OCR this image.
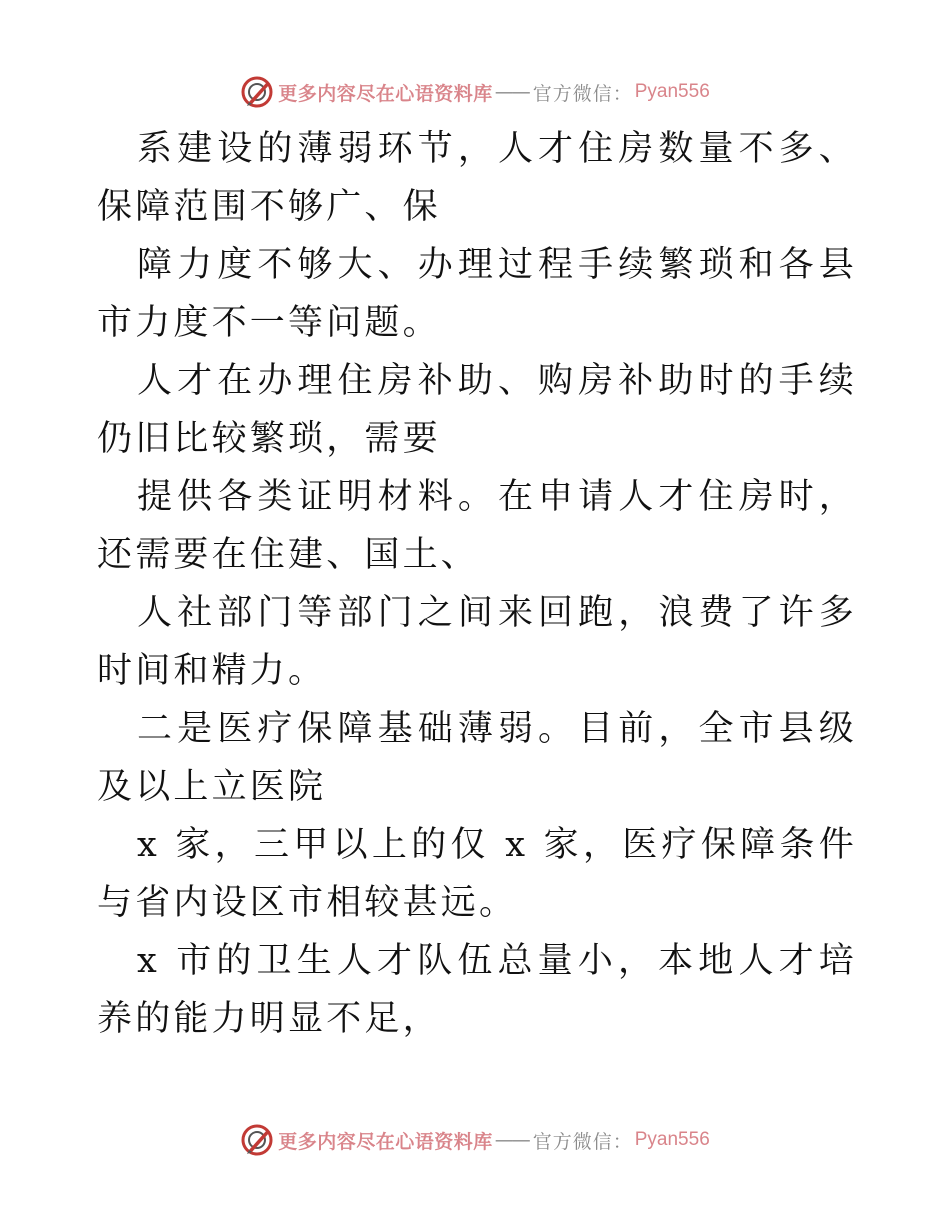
更多内容尽在心语资料库 —— 官方微信： Pyan556

系建设的薄弱环节，人才住房数量不多、保障范围不够广、保

障力度不够大、办理过程手续繁琐和各县市力度不一等问题。

人才在办理住房补助、购房补助时的手续仍旧比较繁琐，需要

提供各类证明材料。在申请人才住房时，还需要在住建、国土、

人社部门等部门之间来回跑，浪费了许多时间和精力。

二是医疗保障基础薄弱。目前，全市县级及以上立医院

x 家，三甲以上的仅 x 家，医疗保障条件与省内设区市相较甚远。

x 市的卫生人才队伍总量小，本地人才培养的能力明显不足，

更多内容尽在心语资料库 —— 官方微信： Pyan556
